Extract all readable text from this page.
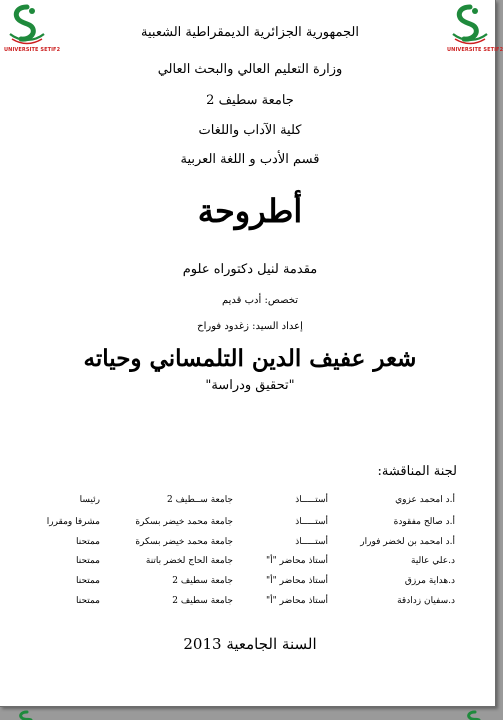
UNIVERSITE SETIF2	UNIVERSITE SETIF2
الجمهورية الجزائرية الديمقراطية الشعبية
وزارة التعليم العالي والبحث العالي
جامعة سطيف 2
كلية الآداب واللغات
قسم الأدب و اللغة العربية
أطروحة
مقدمة لنيل دكتوراه علوم
تخصص: أدب قديم
إعداد السيد: زغدود فوراح
شعر عفيف الدين التلمساني وحياته
"تحقيق ودراسة"
لجنة المناقشة:
أ.د امحمد عزوي
أستـــــاذ
جامعة ســطيف 2
رئيسا
أ.د صالح مفقودة
أستـــــاذ
جامعة محمد خيضر بسكرة
مشرفا ومقررا
أ.د امحمد بن لخضر فورار
أستـــــاذ
جامعة محمد خيضر بسكرة
ممتحنا
د.علي عالية
أستاذ محاضر "أ"
جامعة الحاج لخضر باتنة
ممتحنا
د.هداية مرزق
أستاذ محاضر "أ"
جامعة سطيف 2
ممتحنا
د.سفيان زدادقة
أستاذ محاضر "أ"
جامعة سطيف 2
ممتحنا
السنة الجامعية 2013
